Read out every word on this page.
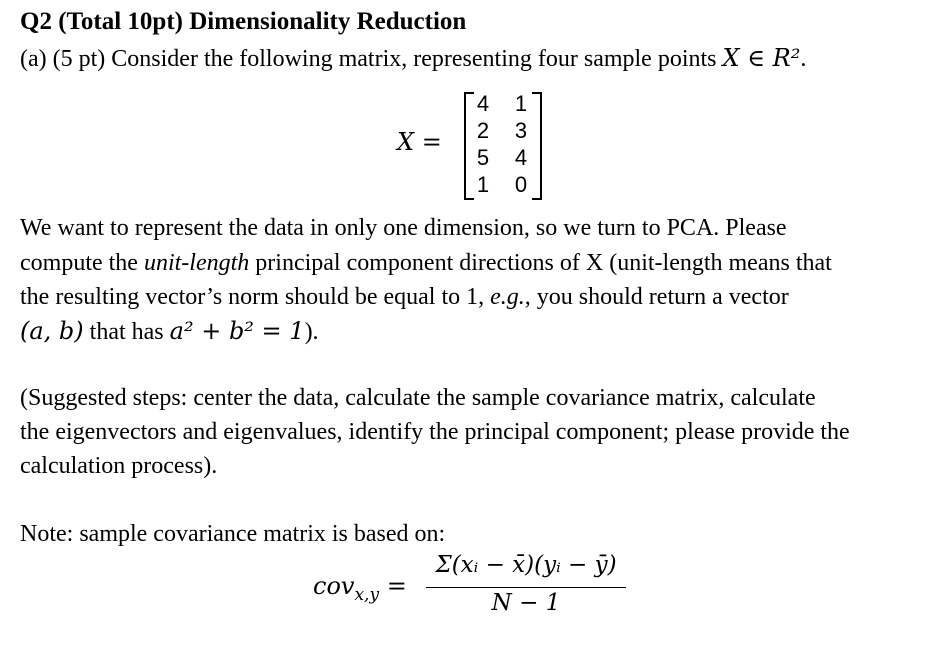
Q2 (Total 10pt) Dimensionality Reduction
(a) (5 pt) Consider the following matrix, representing four sample points X ∈ R².
X =
4 1
2 3
5 4
1 0
We want to represent the data in only one dimension, so we turn to PCA. Please
compute the unit-length principal component directions of X (unit-length means that
the resulting vector’s norm should be equal to 1, e.g., you should return a vector
(a, b) that has a² + b² = 1).
(Suggested steps: center the data, calculate the sample covariance matrix, calculate
the eigenvectors and eigenvalues, identify the principal component; please provide the
calculation process).
Note: sample covariance matrix is based on:
cov$_{x,y}$ =
Σ(xᵢ − x̄)(yᵢ − ȳ)
N − 1
